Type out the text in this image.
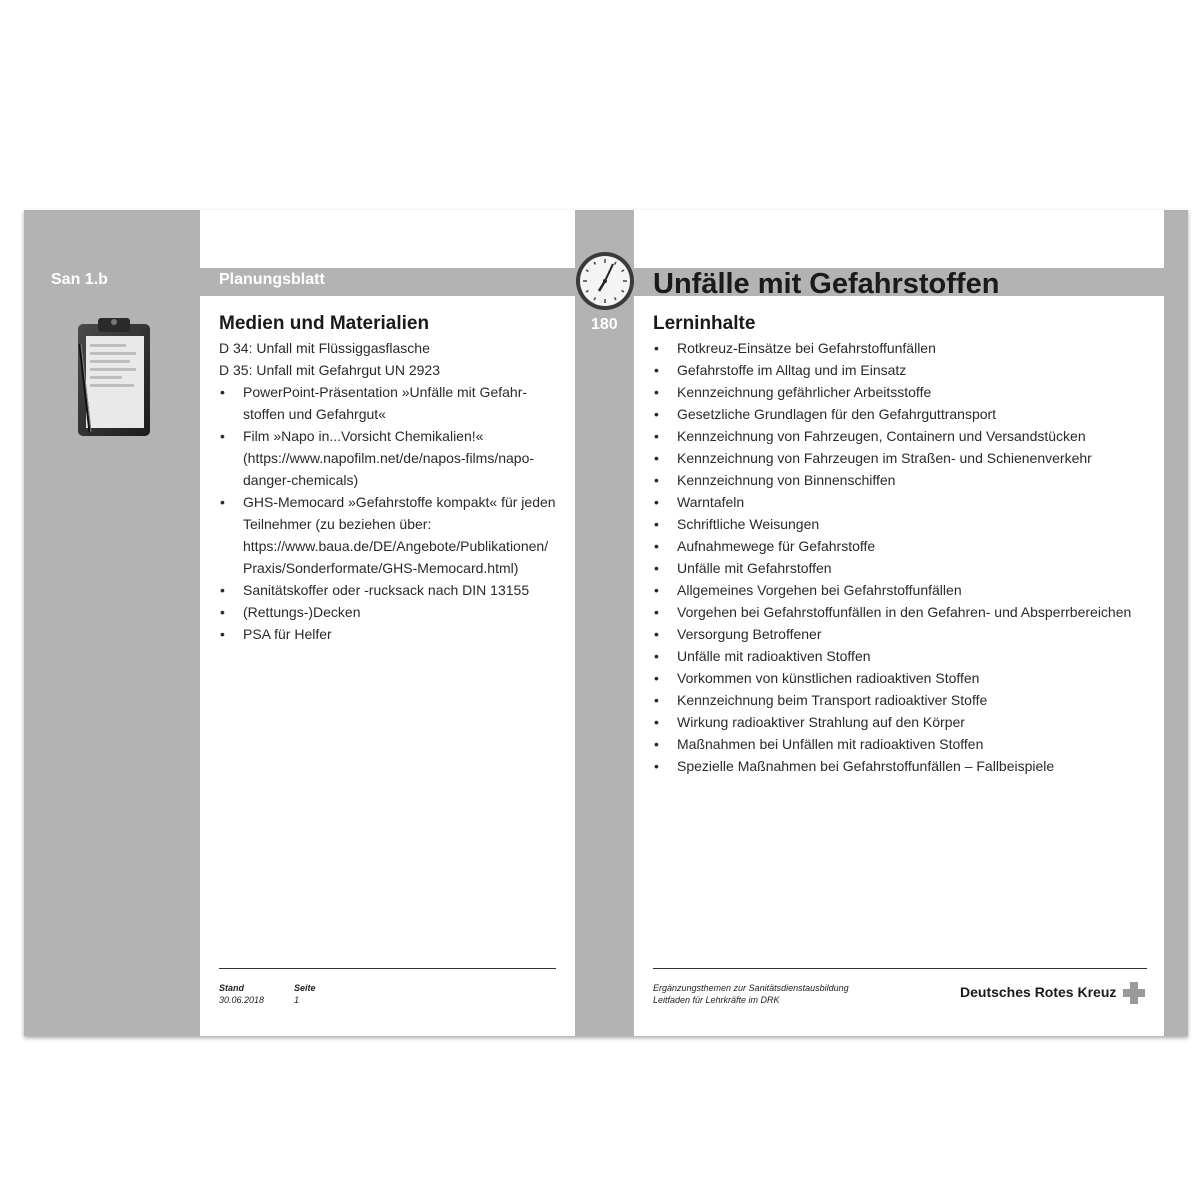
San 1.b	Planungsblatt
180
Medien und Materialien
Unfälle mit Gefahrstoffen
Lerninhalte
D 34: Unfall mit Flüssiggasflasche
D 35: Unfall mit Gefahrgut UN 2923
• PowerPoint-Präsentation »Unfälle mit Gefahr-
stoffen und Gefahrgut«
• Film »Napo in...Vorsicht Chemikalien!«
(https://www.napofilm.net/de/napos-films/napo-
danger-chemicals)
• GHS-Memocard »Gefahrstoffe kompakt« für jeden
Teilnehmer (zu beziehen über:
https://www.baua.de/DE/Angebote/Publikationen/
Praxis/Sonderformate/GHS-Memocard.html)
• Sanitätskoffer oder -rucksack nach DIN 13155
• (Rettungs-)Decken
• PSA für Helfer
• Rotkreuz-Einsätze bei Gefahrstoffunfällen
• Gefahrstoffe im Alltag und im Einsatz
• Kennzeichnung gefährlicher Arbeitsstoffe
• Gesetzliche Grundlagen für den Gefahrguttransport
• Kennzeichnung von Fahrzeugen, Containern und Versandstücken
• Kennzeichnung von Fahrzeugen im Straßen- und Schienenverkehr
• Kennzeichnung von Binnenschiffen
• Warntafeln
• Schriftliche Weisungen
• Aufnahmewege für Gefahrstoffe
• Unfälle mit Gefahrstoffen
• Allgemeines Vorgehen bei Gefahrstoffunfällen
• Vorgehen bei Gefahrstoffunfällen in den Gefahren- und Absperrbereichen
• Versorgung Betroffener
• Unfälle mit radioaktiven Stoffen
• Vorkommen von künstlichen radioaktiven Stoffen
• Kennzeichnung beim Transport radioaktiver Stoffe
• Wirkung radioaktiver Strahlung auf den Körper
• Maßnahmen bei Unfällen mit radioaktiven Stoffen
• Spezielle Maßnahmen bei Gefahrstoffunfällen – Fallbeispiele
Stand
30.06.2018
Seite
1
Ergänzungsthemen zur Sanitätsdienstausbildung
Leitfaden für Lehrkräfte im DRK	Deutsches Rotes Kreuz
